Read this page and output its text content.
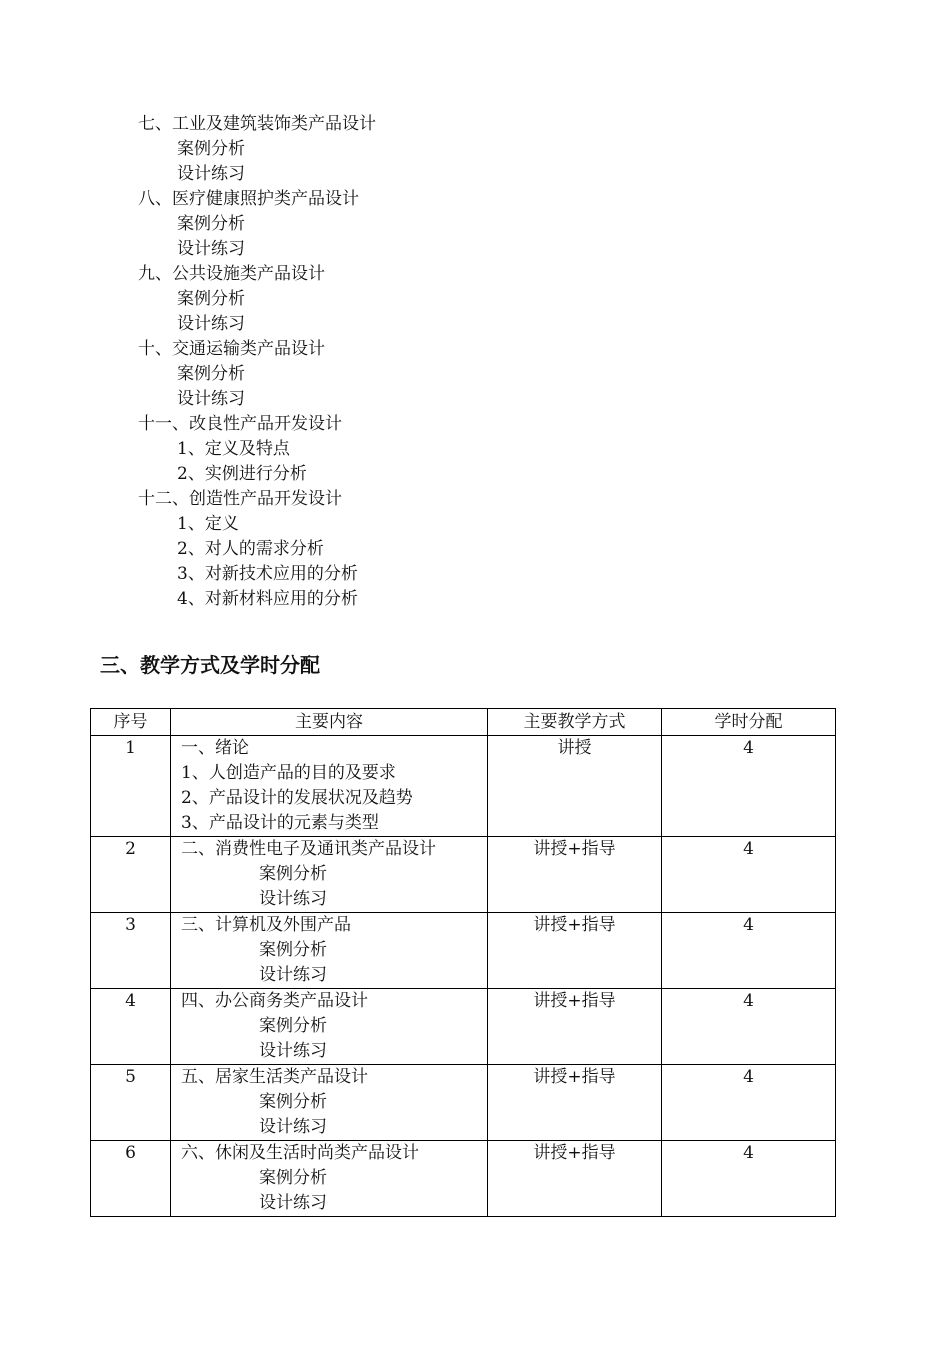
七、工业及建筑装饰类产品设计
案例分析
设计练习
八、医疗健康照护类产品设计
案例分析
设计练习
九、公共设施类产品设计
案例分析
设计练习
十、交通运输类产品设计
案例分析
设计练习
十一、改良性产品开发设计
1、定义及特点
2、实例进行分析
十二、创造性产品开发设计
1、定义
2、对人的需求分析
3、对新技术应用的分析
4、对新材料应用的分析
三、教学方式及学时分配
序号	主要内容	主要教学方式	学时分配

1	一、绪论
1、人创造产品的目的及要求
2、产品设计的发展状况及趋势
3、产品设计的元素与类型	讲授	4

2	二、消费性电子及通讯类产品设计
案例分析
设计练习	讲授+指导	4

3	三、计算机及外围产品
案例分析
设计练习	讲授+指导	4

4	四、办公商务类产品设计
案例分析
设计练习	讲授+指导	4

5	五、居家生活类产品设计
案例分析
设计练习	讲授+指导	4

6	六、休闲及生活时尚类产品设计
案例分析
设计练习	讲授+指导	4
